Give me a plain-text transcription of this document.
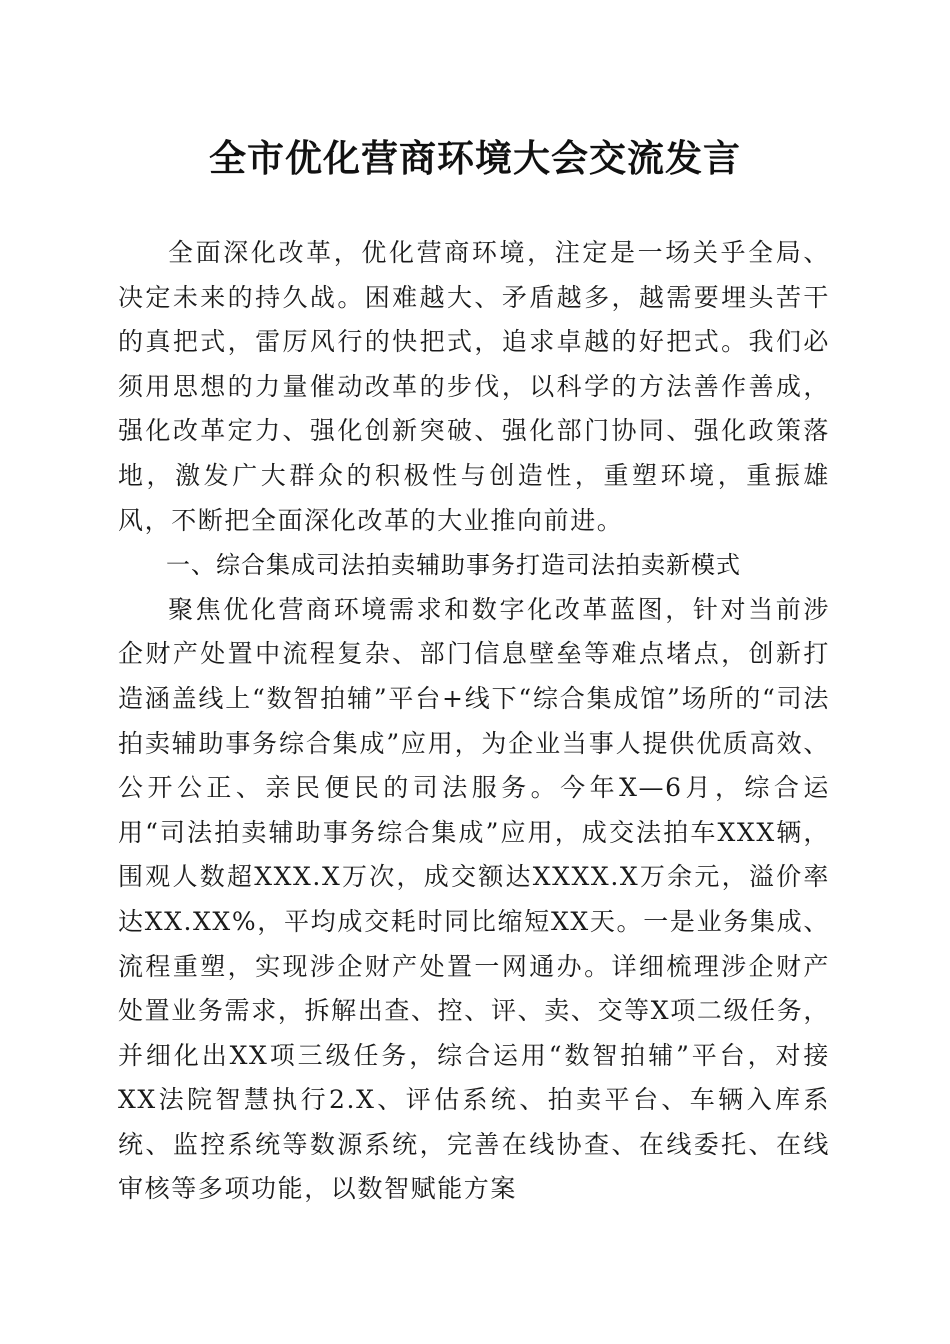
全市优化营商环境大会交流发言

全面深化改革，优化营商环境，注定是一场关乎全局、决定未来的持久战。困难越大、矛盾越多，越需要埋头苦干的真把式，雷厉风行的快把式，追求卓越的好把式。我们必须用思想的力量催动改革的步伐，以科学的方法善作善成，强化改革定力、强化创新突破、强化部门协同、强化政策落地，激发广大群众的积极性与创造性，重塑环境，重振雄风，不断把全面深化改革的大业推向前进。

一、综合集成司法拍卖辅助事务打造司法拍卖新模式

聚焦优化营商环境需求和数字化改革蓝图，针对当前涉企财产处置中流程复杂、部门信息壁垒等难点堵点，创新打造涵盖线上“数智拍辅”平台+线下“综合集成馆”场所的“司法拍卖辅助事务综合集成”应用，为企业当事人提供优质高效、公开公正、亲民便民的司法服务。今年X—6月，综合运用“司法拍卖辅助事务综合集成”应用，成交法拍车XXX辆，围观人数超XXX.X万次，成交额达XXXX.X万余元，溢价率达XX.XX%，平均成交耗时同比缩短XX天。一是业务集成、流程重塑，实现涉企财产处置一网通办。详细梳理涉企财产处置业务需求，拆解出查、控、评、卖、交等X项二级任务，并细化出XX项三级任务，综合运用“数智拍辅”平台，对接XX法院智慧执行2.X、评估系统、拍卖平台、车辆入库系统、监控系统等数源系统，完善在线协查、在线委托、在线审核等多项功能，以数智赋能方案
